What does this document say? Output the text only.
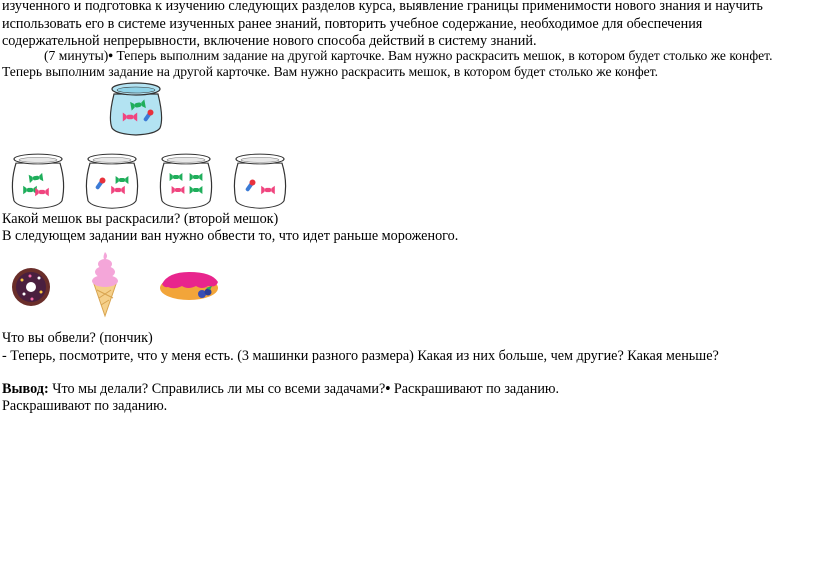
изученного и подготовка к изучению следующих разделов курса, выявление границы применимости нового знания и научить
использовать его в системе изученных ранее знаний, повторить учебное содержание, необходимое для обеспечения
содержательной непрерывности, включение нового способа действий в систему знаний.
(7 минуты)• Теперь выполним задание на другой карточке. Вам нужно раскрасить мешок, в котором будет столько же конфет.
Теперь выполним задание на другой карточке. Вам нужно раскрасить мешок, в котором будет столько же конфет.
Какой мешок вы раскрасили? (второй мешок)
В следующем задании ван нужно обвести то, что идет раньше мороженого.
Что вы обвели? (пончик)
- Теперь, посмотрите, что у меня есть. (3 машинки разного размера) Какая из них больше, чем другие? Какая меньше?
Вывод: Что мы делали? Справились ли мы со всеми задачами?• Раскрашивают по заданию.
Раскрашивают по заданию.
